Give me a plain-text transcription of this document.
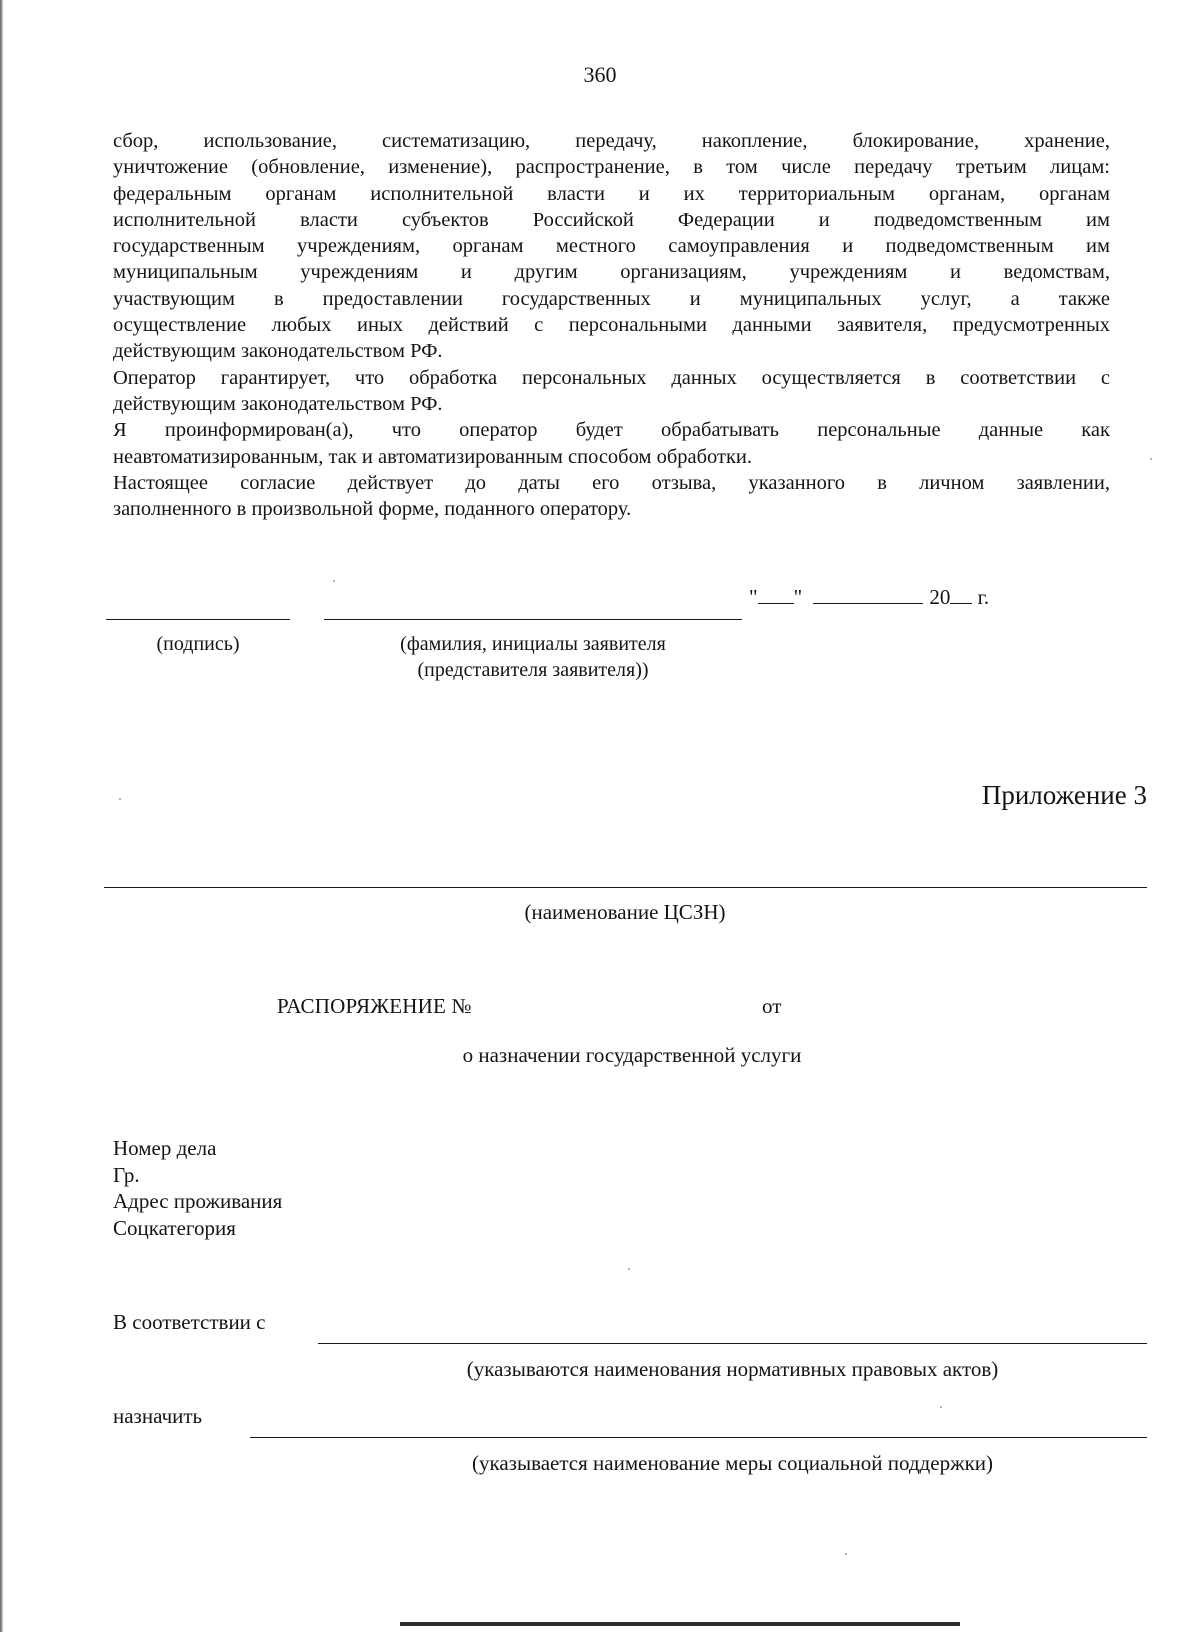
360
сбор, использование, систематизацию, передачу, накопление, блокирование, хранение,
уничтожение (обновление, изменение), распространение, в том числе передачу третьим лицам:
федеральным органам исполнительной власти и их территориальным органам, органам
исполнительной власти субъектов Российской Федерации и подведомственным им
государственным учреждениям, органам местного самоуправления и подведомственным им
муниципальным учреждениям и другим организациям, учреждениям и ведомствам,
участвующим в предоставлении государственных и муниципальных услуг, а также
осуществление любых иных действий с персональными данными заявителя, предусмотренных
действующим законодательством РФ.
Оператор гарантирует, что обработка персональных данных осуществляется в соответствии с
действующим законодательством РФ.
Я проинформирован(а), что оператор будет обрабатывать персональные данные как
неавтоматизированным, так и автоматизированным способом обработки.
Настоящее согласие действует до даты его отзыва, указанного в личном заявлении,
заполненного в произвольной форме, поданного оператору.
" "	20 г.
(подпись)	(фамилия, инициалы заявителя
(представителя заявителя))
Приложение 3
(наименование ЦСЗН)
РАСПОРЯЖЕНИЕ №	от
о назначении государственной услуги
Номер дела
Гр.
Адрес проживания
Соцкатегория
В соответствии с
(указываются наименования нормативных правовых актов)
назначить
(указывается наименование меры социальной поддержки)
